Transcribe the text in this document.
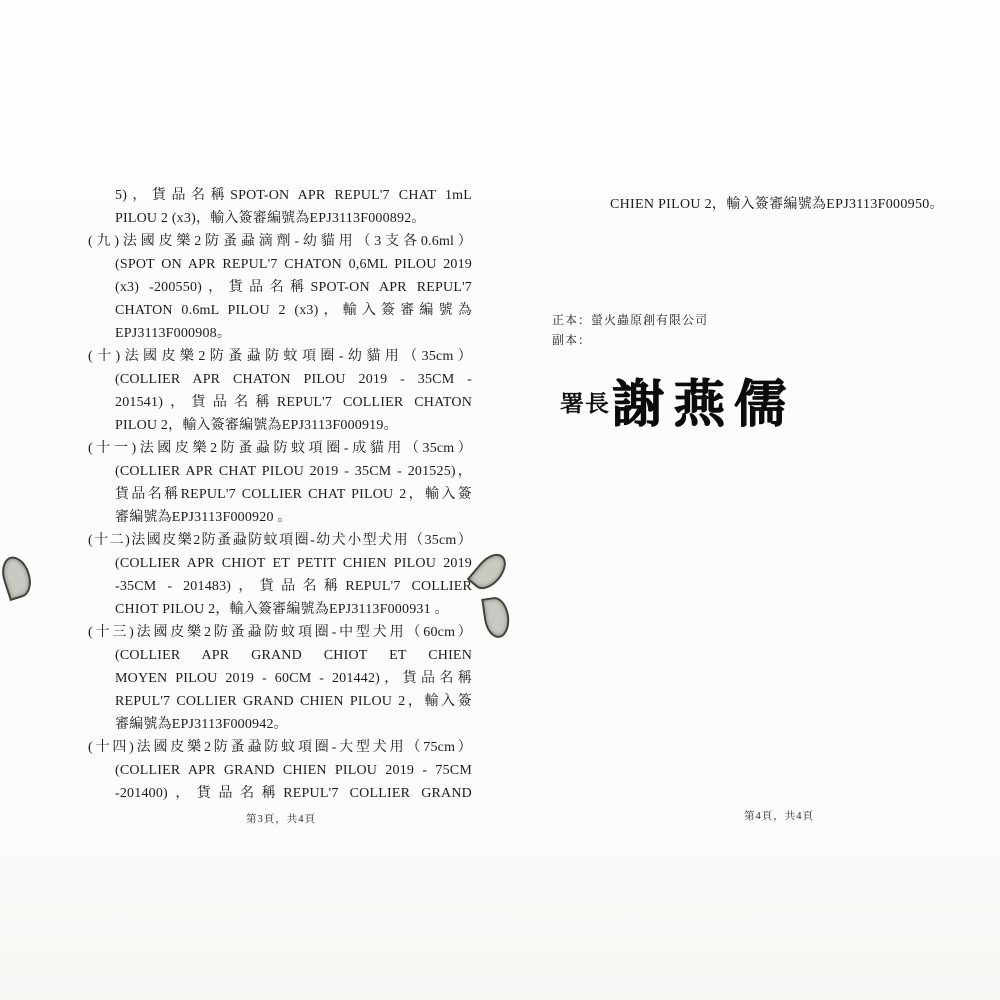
5)，貨品名稱SPOT-ON APR REPUL'7 CHAT 1mL
PILOU 2 (x3)，輸入簽審編號為EPJ3113F000892。
(九)法國皮樂2防蚤蝨滴劑-幼貓用（3支各0.6ml）
(SPOT ON APR REPUL'7 CHATON 0,6ML PILOU 2019
(x3) -200550)，貨品名稱SPOT-ON APR REPUL'7
CHATON 0.6mL PILOU 2 (x3)，輸入簽審編號為
EPJ3113F000908。
(十)法國皮樂2防蚤蝨防蚊項圈-幼貓用（35cm）
(COLLIER APR CHATON PILOU 2019 - 35CM -
201541)，貨品名稱REPUL'7 COLLIER CHATON
PILOU 2，輸入簽審編號為EPJ3113F000919。
(十一)法國皮樂2防蚤蝨防蚊項圈-成貓用（35cm）
(COLLIER APR CHAT PILOU 2019 - 35CM - 201525)，
貨品名稱REPUL'7 COLLIER CHAT PILOU 2，輸入簽
審編號為EPJ3113F000920 。
(十二)法國皮樂2防蚤蝨防蚊項圈-幼犬小型犬用（35cm）
(COLLIER APR CHIOT ET PETIT CHIEN PILOU 2019
-35CM - 201483)，貨品名稱REPUL'7 COLLIER
CHIOT PILOU 2，輸入簽審編號為EPJ3113F000931 。
(十三)法國皮樂2防蚤蝨防蚊項圈-中型犬用（60cm）
(COLLIER APR GRAND CHIOT ET CHIEN
MOYEN PILOU 2019 - 60CM - 201442)，貨品名稱
REPUL'7 COLLIER GRAND CHIEN PILOU 2，輸入簽
審編號為EPJ3113F000942。
(十四)法國皮樂2防蚤蝨防蚊項圈-大型犬用（75cm）
(COLLIER APR GRAND CHIEN PILOU 2019 - 75CM
-201400)，貨品名稱REPUL'7 COLLIER GRAND
第3頁，共4頁
CHIEN PILOU 2，輸入簽審編號為EPJ3113F000950。
正本：螢火蟲原創有限公司
副本：
署長 謝燕儒
第4頁，共4頁
